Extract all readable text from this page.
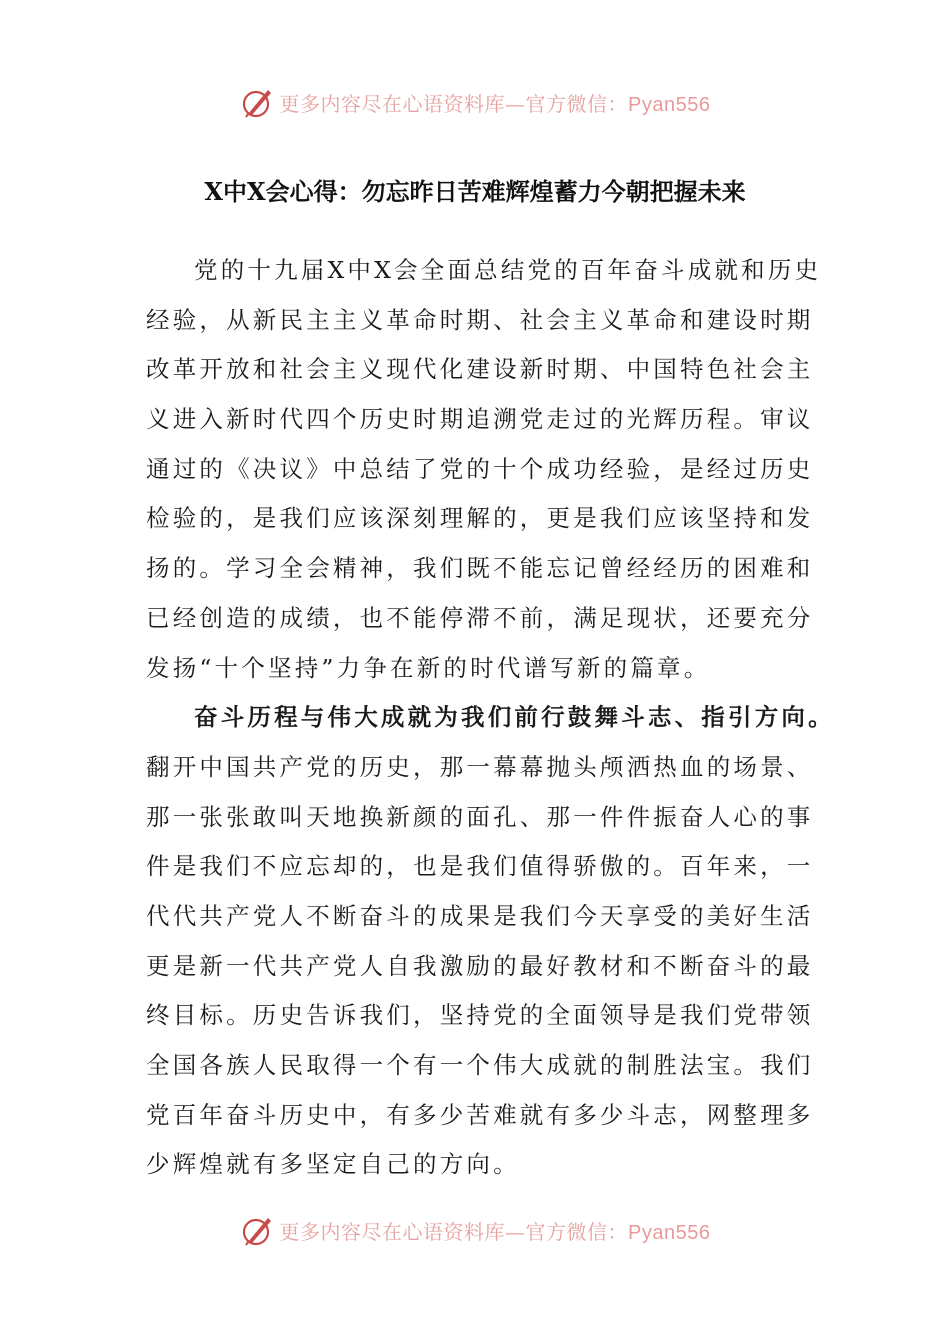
更多内容尽在心语资料库—官方微信：Pyan556
X中X会心得：勿忘昨日苦难辉煌蓄力今朝把握未来
党的十九届X中X会全面总结党的百年奋斗成就和历史
经验，从新民主主义革命时期、社会主义革命和建设时期
改革开放和社会主义现代化建设新时期、中国特色社会主
义进入新时代四个历史时期追溯党走过的光辉历程。审议
通过的《决议》中总结了党的十个成功经验，是经过历史
检验的，是我们应该深刻理解的，更是我们应该坚持和发
扬的。学习全会精神，我们既不能忘记曾经经历的困难和
已经创造的成绩，也不能停滞不前，满足现状，还要充分
发扬“十个坚持”力争在新的时代谱写新的篇章。
奋斗历程与伟大成就为我们前行鼓舞斗志、指引方向。
翻开中国共产党的历史，那一幕幕抛头颅洒热血的场景、
那一张张敢叫天地换新颜的面孔、那一件件振奋人心的事
件是我们不应忘却的，也是我们值得骄傲的。百年来，一
代代共产党人不断奋斗的成果是我们今天享受的美好生活
更是新一代共产党人自我激励的最好教材和不断奋斗的最
终目标。历史告诉我们，坚持党的全面领导是我们党带领
全国各族人民取得一个有一个伟大成就的制胜法宝。我们
党百年奋斗历史中，有多少苦难就有多少斗志，网整理多
少辉煌就有多坚定自己的方向。
更多内容尽在心语资料库—官方微信：Pyan556
